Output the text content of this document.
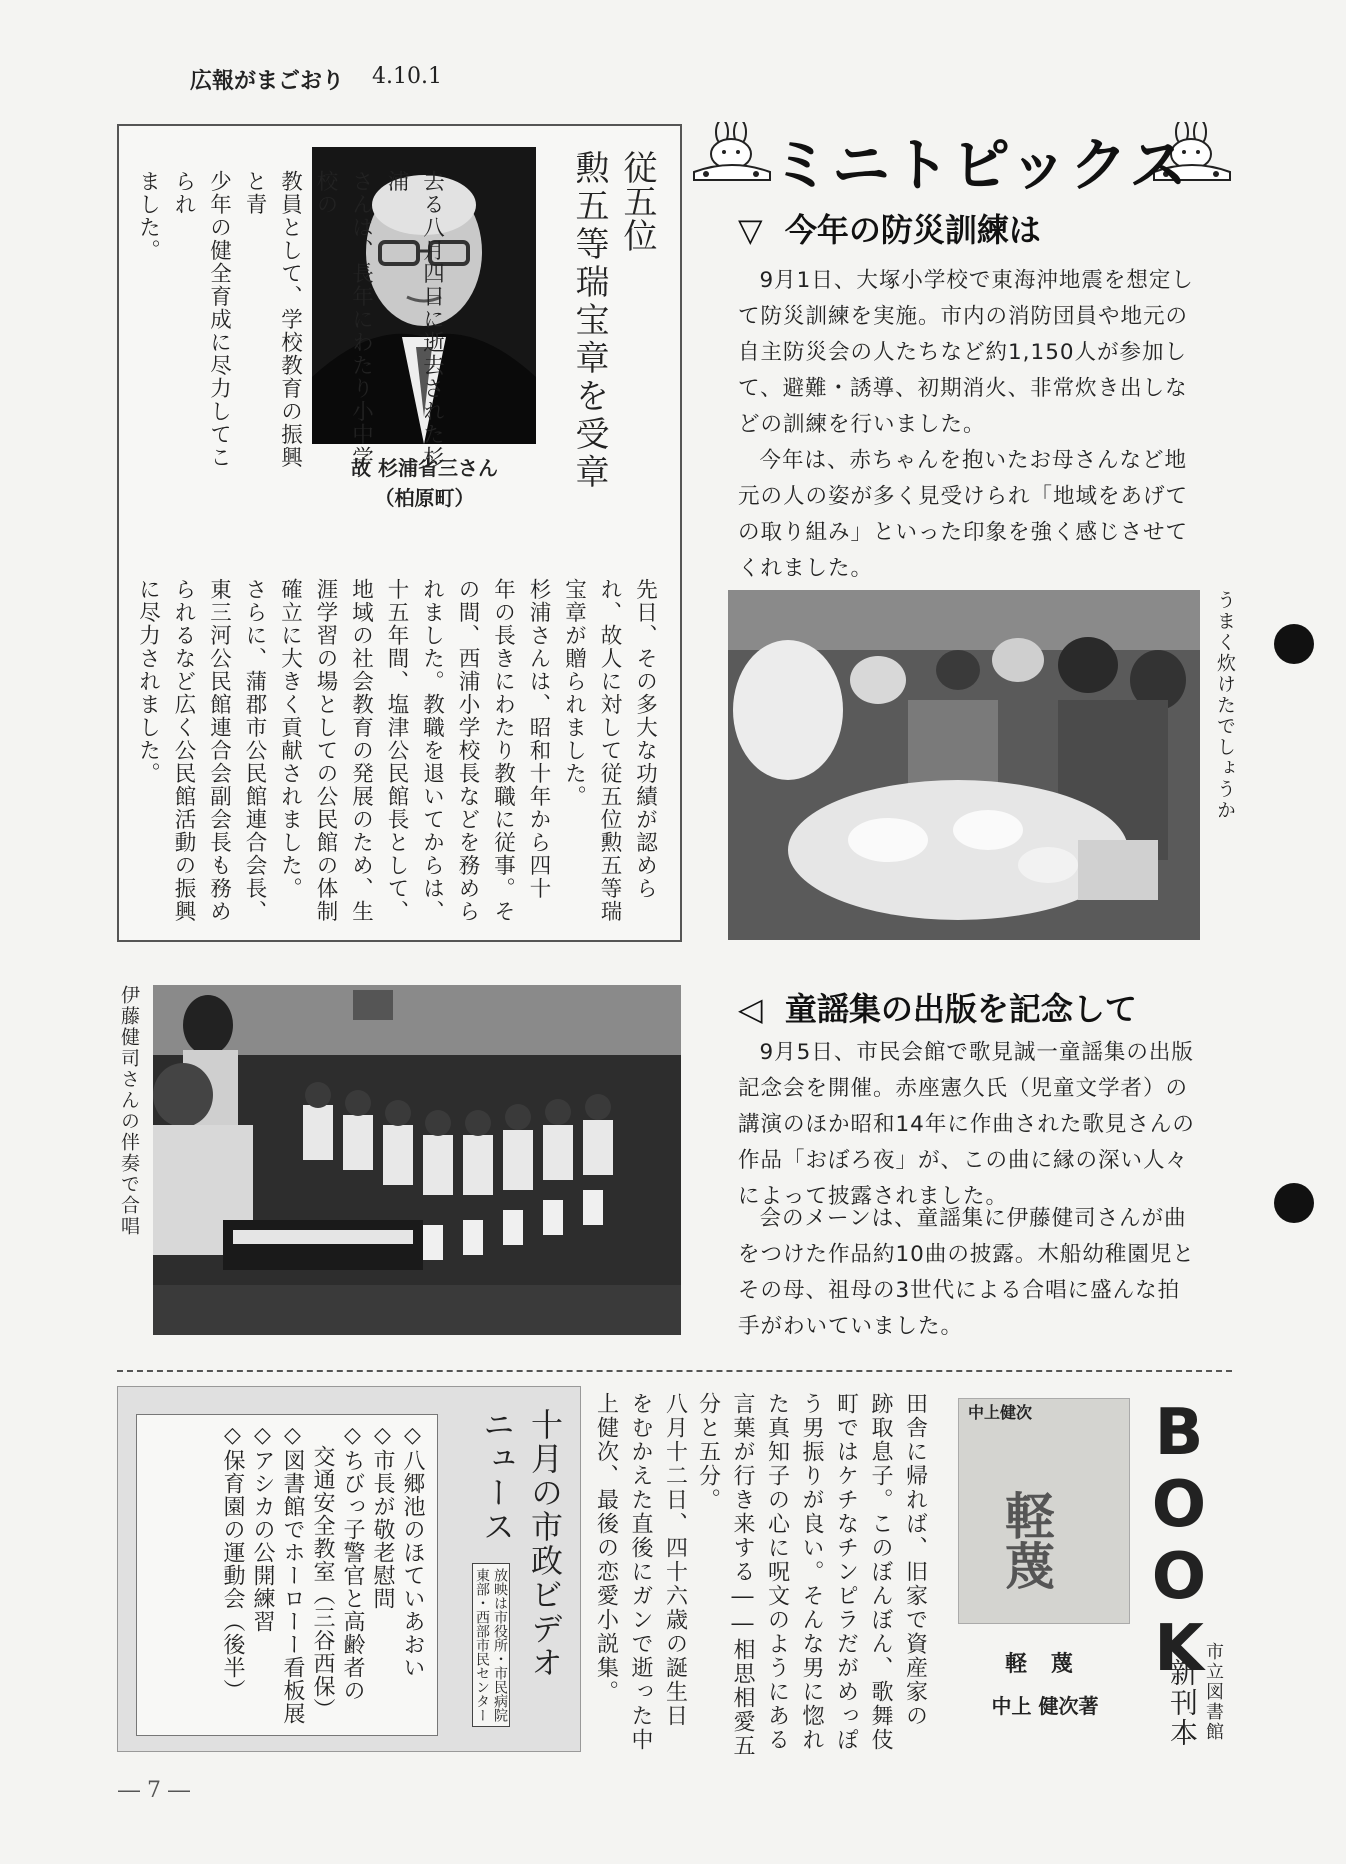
広報がまごおり 4.10.1
従五位
勲五等瑞宝章を受章
故 杉浦省三さん
（柏原町）
去る八月四日に逝去された杉浦
さんは、長年にわたり小中学校の
教員として、学校教育の振興と青
少年の健全育成に尽力してこられ
ました。
先日、その多大な功績が認めら
れ、故人に対して従五位勲五等瑞
宝章が贈られました。
杉浦さんは、昭和十年から四十
年の長きにわたり教職に従事。そ
の間、西浦小学校長などを務めら
れました。教職を退いてからは、
十五年間、塩津公民館長として、
地域の社会教育の発展のため、生
涯学習の場としての公民館の体制
確立に大きく貢献されました。
さらに、蒲郡市公民館連合会長、
東三河公民館連合会副会長も務め
られるなど広く公民館活動の振興
に尽力されました。
ミニトピックス
▽ 今年の防災訓練は

9月1日、大塚小学校で東海沖地震を想定して防災訓練を実施。市内の消防団員や地元の自主防災会の人たちなど約1,150人が参加して、避難・誘導、初期消火、非常炊き出しなどの訓練を行いました。

今年は、赤ちゃんを抱いたお母さんなど地元の人の姿が多く見受けられ「地域をあげての取り組み」といった印象を強く感じさせてくれました。

うまく炊けたでしょうか
◁ 童謡集の出版を記念して

9月5日、市民会館で歌見誠一童謡集の出版記念会を開催。赤座憲久氏（児童文学者）の講演のほか昭和14年に作曲された歌見さんの作品「おぼろ夜」が、この曲に縁の深い人々によって披露されました。

会のメーンは、童謡集に伊藤健司さんが曲をつけた作品約10曲の披露。木船幼稚園児とその母、祖母の3世代による合唱に盛んな拍手がわいていました。

伊藤健司さんの伴奏で合唱
◇八郷池のほていあおい
◇市長が敬老慰問
◇ちびっ子警官と高齢者の
交通安全教室（三谷西保）
◇図書館でホーローー看板展
◇アシカの公開練習
◇保育園の運動会（後半）	十月の市政ビデオ
ニュース
放映は市役所・市民病院
東部・西部市民センター	八月十二日、四十六歳の誕生日
をむかえた直後にガンで逝った中
上健次、最後の恋愛小説集。	田舎に帰れば、旧家で資産家の
跡取息子。このぼんぼん、歌舞伎
町ではケチなチンピラだがめっぽ
う男振りが良い。そんな男に惚れ
た真知子の心に呪文のようにある
言葉が行き来する――相思相愛五
分と五分。	中上健次
軽蔑
軽 蔑
中上 健次著
BOOK
市立図書館
新刊本
― 7 ―
